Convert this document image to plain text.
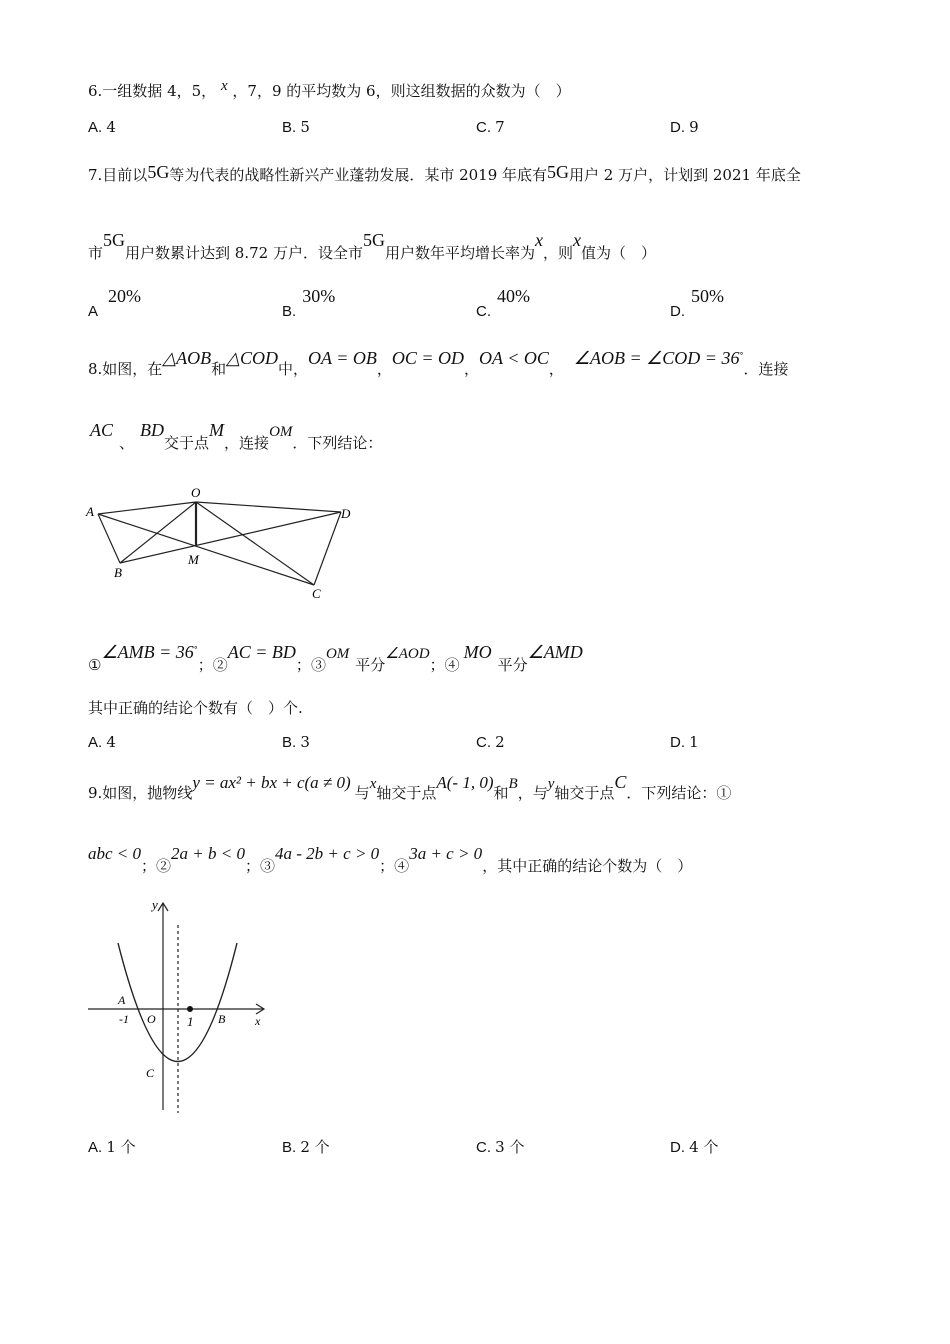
6.一组数据 4，5， x ，7，9 的平均数为 6，则这组数据的众数为（　）
A. 4	B. 5	C. 7	D. 9
7.目前以5G等为代表的战略性新兴产业蓬勃发展．某市 2019 年底有5G用户 2 万户，计划到 2021 年底全
市5G用户数累计达到 8.72 万户．设全市5G用户数年平均增长率为x，则x值为（　）
A20%
B.30%
C.40%
D.50%
8.如图，在△AOB和△COD中，OA = OB，OC = OD，OA < OC，∠AOB = ∠COD = 36°．连接
AC、BD交于点M，连接OM．下列结论：
A
O
D
B
M
C
①∠AMB = 36°；②AC = BD；③OM平分∠AOD；④MO平分∠AMD
其中正确的结论个数有（　）个.
A. 4	B. 3	C. 2	D. 1
9.如图，抛物线y = ax² + bx + c(a ≠ 0)与x轴交于点A(- 1, 0)和B，与y轴交于点C．下列结论：①
abc < 0；②2a + b < 0；③4a - 2b + c > 0；④3a + c > 0，其中正确的结论个数为（　）
y
x
A
-1 O 1 B
C
A. 1 个	B. 2 个	C. 3 个	D. 4 个
